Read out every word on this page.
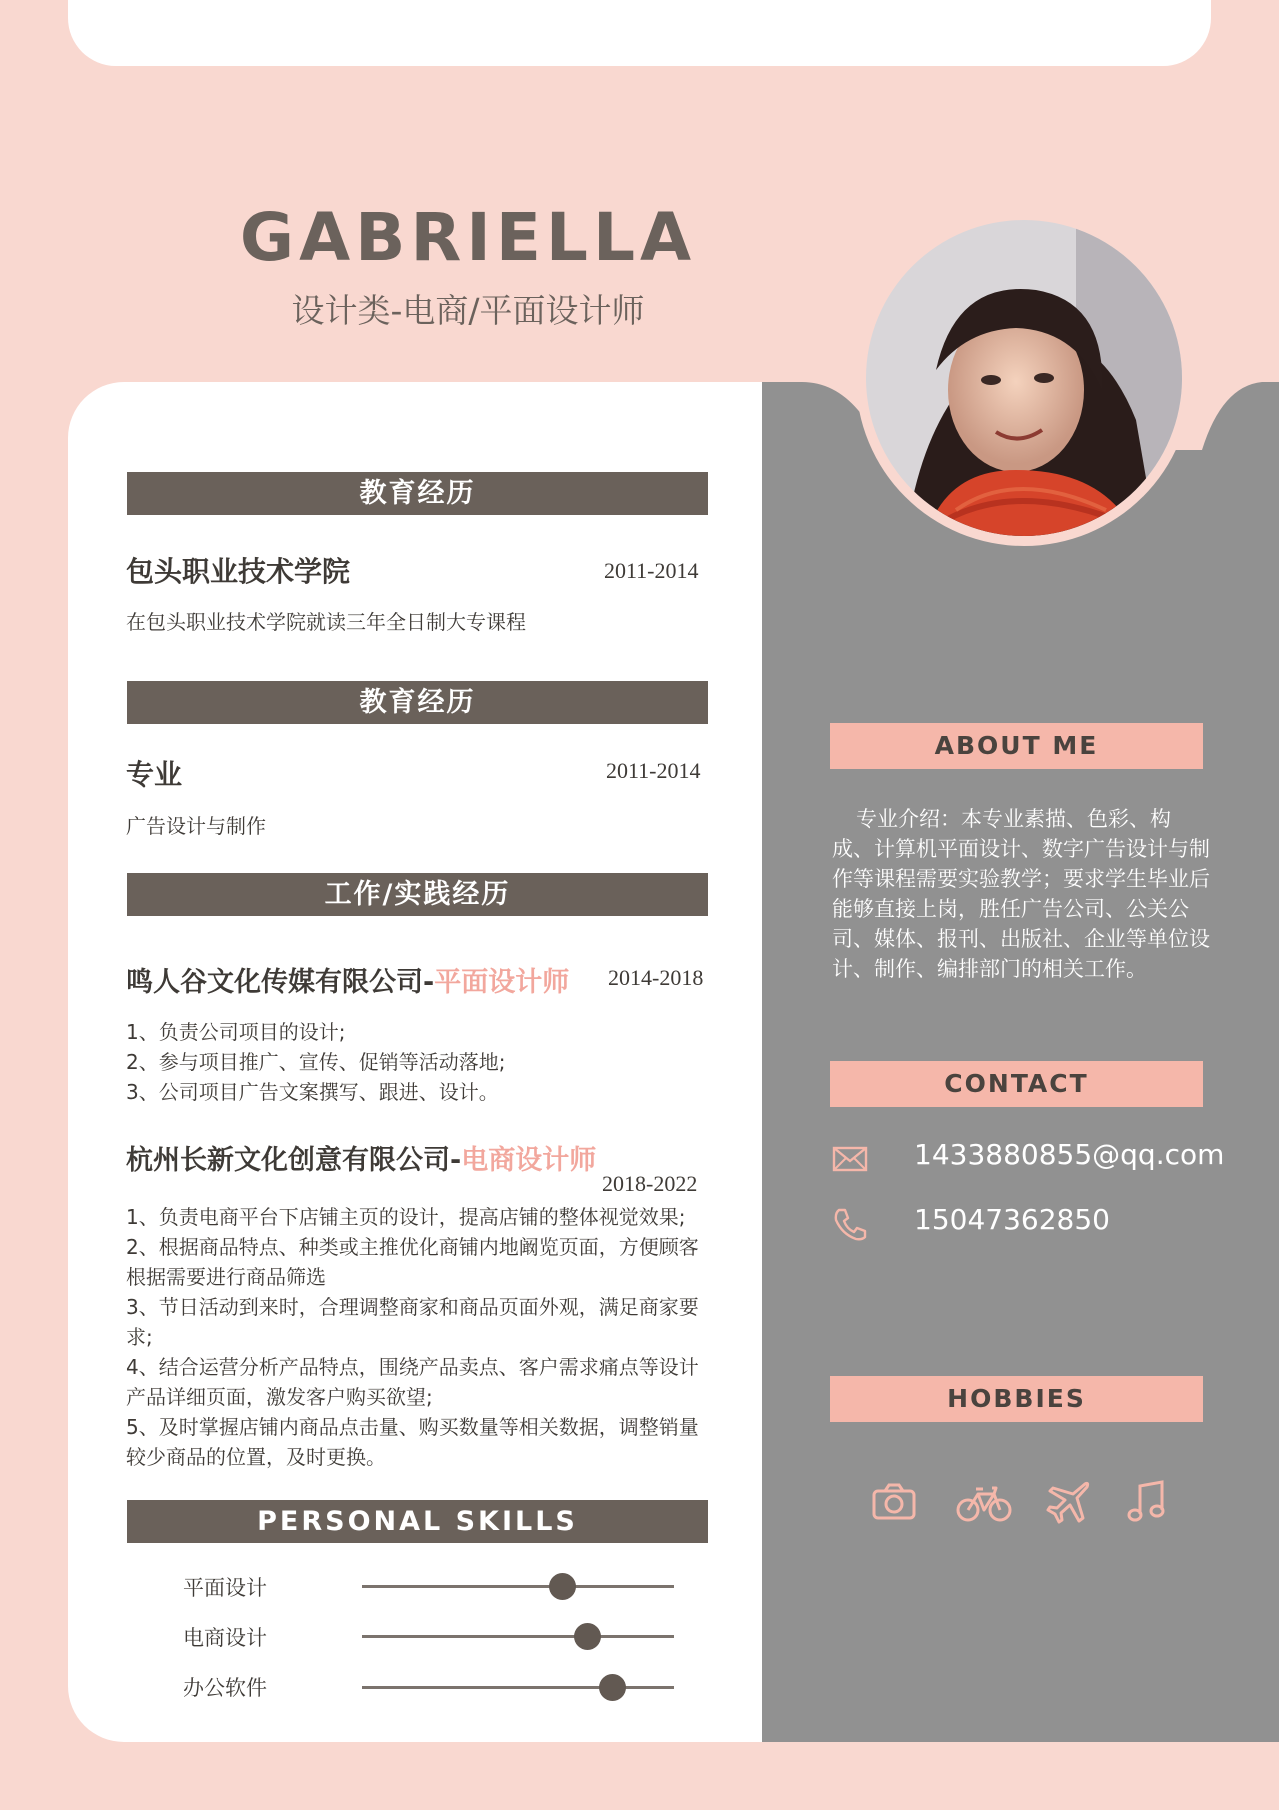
GABRIELLA
设计类-电商/平面设计师
教育经历
包头职业技术学院	2011-2014
在包头职业技术学院就读三年全日制大专课程
教育经历
专业	2011-2014
广告设计与制作
工作/实践经历
鸣人谷文化传媒有限公司-平面设计师 2014-2018
1、负责公司项目的设计;
2、参与项目推广、宣传、促销等活动落地;
3、公司项目广告文案撰写、跟进、设计。
杭州长新文化创意有限公司-电商设计师
2018-2022
1、负责电商平台下店铺主页的设计，提高店铺的整体视觉效果;
2、根据商品特点、种类或主推优化商铺内地阚览页面，方便顾客根据需要进行商品筛选
3、节日活动到来时，合理调整商家和商品页面外观，满足商家要求;
4、结合运营分析产品特点，围绕产品卖点、客户需求痛点等设计产品详细页面，激发客户购买欲望;
5、及时掌握店铺内商品点击量、购买数量等相关数据，调整销量较少商品的位置，及时更换。
PERSONAL SKILLS
平面设计
电商设计
办公软件
ABOUT ME
专业介绍：本专业素描、色彩、构成、计算机平面设计、数字广告设计与制作等课程需要实验教学；要求学生毕业后能够直接上岗，胜任广告公司、公关公司、媒体、报刊、出版社、企业等单位设计、制作、编排部门的相关工作。
CONTACT
1433880855@qq.com
15047362850
HOBBIES
